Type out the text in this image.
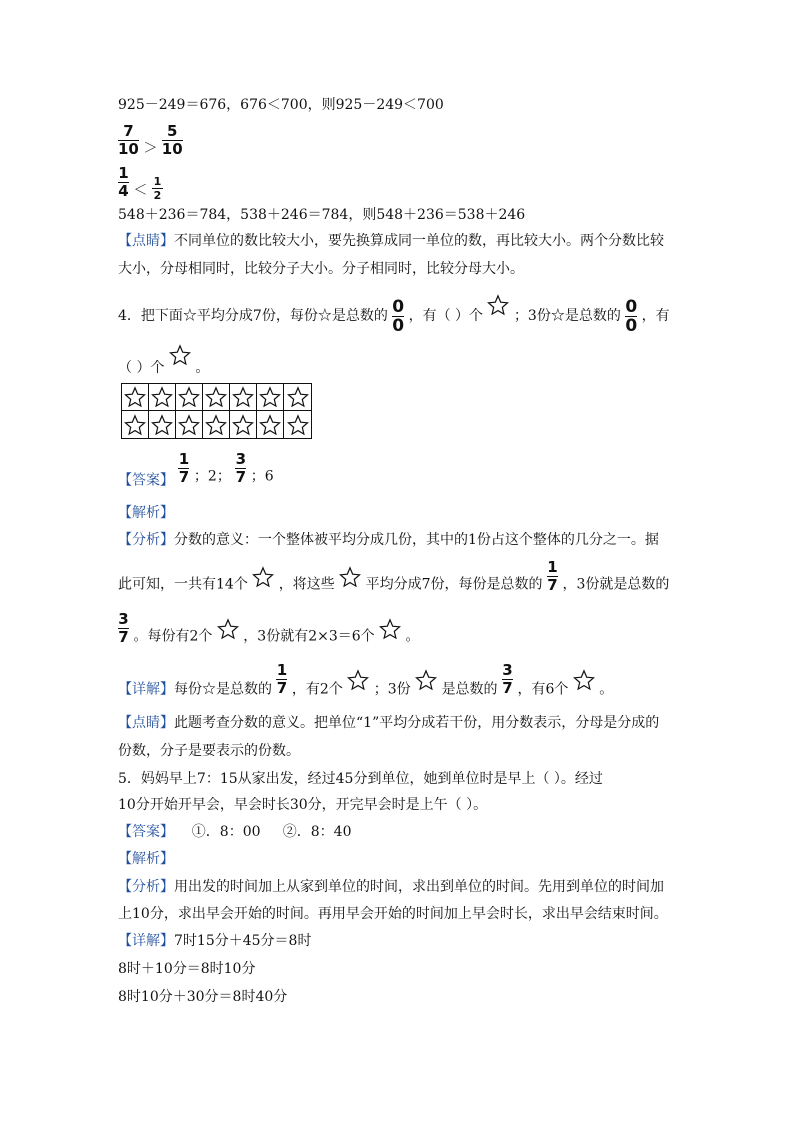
925－249＝676，676＜700，则925－249＜700
$\frac{7}{10} > \frac{5}{10}$
$\frac{1}{4} < \frac{1}{2}$
548＋236＝784，538＋246＝784，则548＋236＝538＋246
【点睛】不同单位的数比较大小，要先换算成同一单位的数，再比较大小。两个分数比较
大小，分母相同时，比较分子大小。分子相同时，比较分母大小。
4．把下面☆平均分成7份，每份☆是总数的 $\frac{0}{0}$ ，有（ ）个 ；3份☆是总数的 $\frac{0}{0}$ ，有
（ ）个 。
【答案】 $\frac{1}{7}$ ；2； $\frac{3}{7}$ ；6
【解析】
【分析】分数的意义：一个整体被平均分成几份，其中的1份占这个整体的几分之一。据
此可知，一共有14个 ，将这些 平均分成7份，每份是总数的 $\frac{1}{7}$ ，3份就是总数的
$\frac{3}{7}$ 。每份有2个 ，3份就有2×3＝6个 。
【详解】每份☆是总数的 $\frac{1}{7}$ ，有2个 ；3份 是总数的 $\frac{3}{7}$ ，有6个 。
【点睛】此题考查分数的意义。把单位“1”平均分成若干份，用分数表示，分母是分成的
份数，分子是要表示的份数。
5．妈妈早上7：15从家出发，经过45分到单位，她到单位时是早上（ ）。经过
10分开始开早会，早会时长30分，开完早会时是上午（ ）。
【答案】    ①．8：00     ②．8：40
【解析】
【分析】用出发的时间加上从家到单位的时间，求出到单位的时间。先用到单位的时间加
上10分，求出早会开始的时间。再用早会开始的时间加上早会时长，求出早会结束时间。
【详解】7时15分＋45分＝8时
8时＋10分＝8时10分
8时10分＋30分＝8时40分
